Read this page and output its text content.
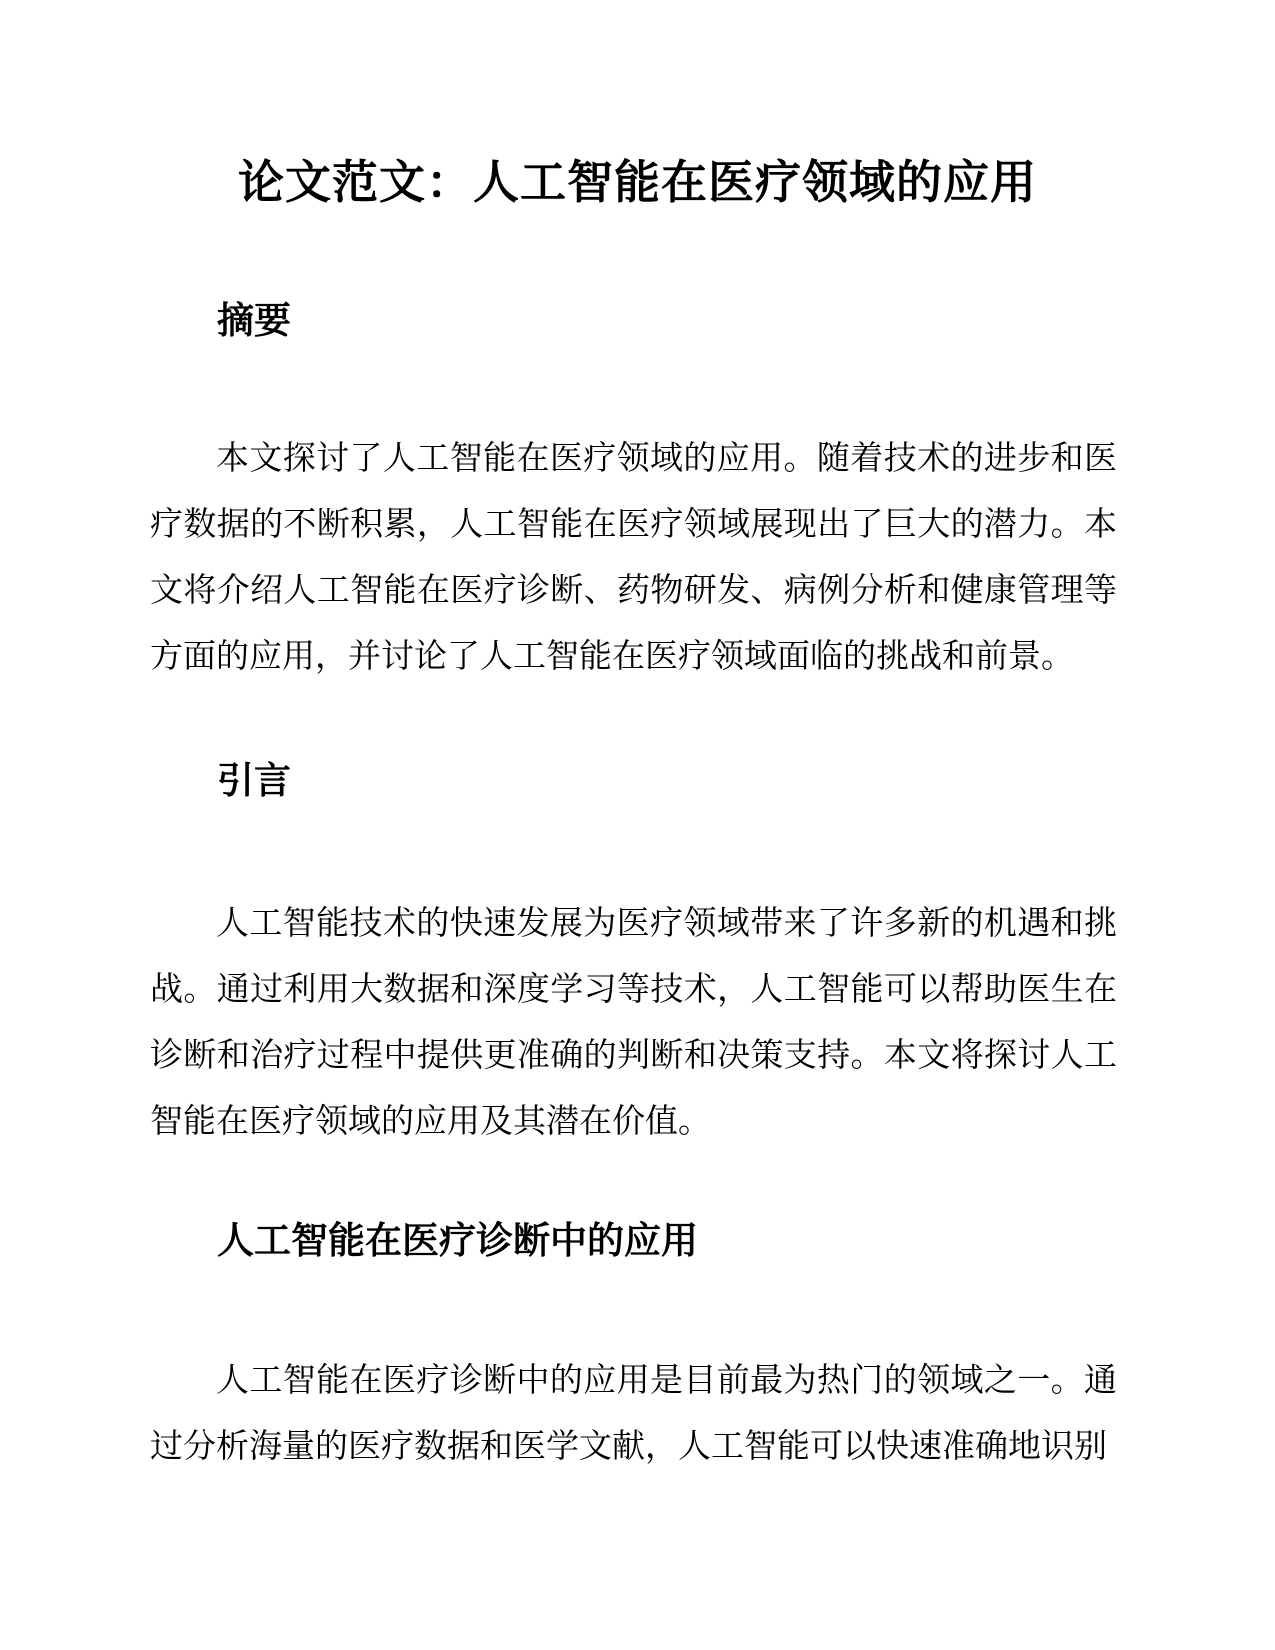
论文范文：人工智能在医疗领域的应用
摘要

本文探讨了人工智能在医疗领域的应用。随着技术的进步和医疗数据的不断积累，人工智能在医疗领域展现出了巨大的潜力。本文将介绍人工智能在医疗诊断、药物研发、病例分析和健康管理等方面的应用，并讨论了人工智能在医疗领域面临的挑战和前景。

引言

人工智能技术的快速发展为医疗领域带来了许多新的机遇和挑战。通过利用大数据和深度学习等技术，人工智能可以帮助医生在诊断和治疗过程中提供更准确的判断和决策支持。本文将探讨人工智能在医疗领域的应用及其潜在价值。

人工智能在医疗诊断中的应用

人工智能在医疗诊断中的应用是目前最为热门的领域之一。通过分析海量的医疗数据和医学文献，人工智能可以快速准确地识别
